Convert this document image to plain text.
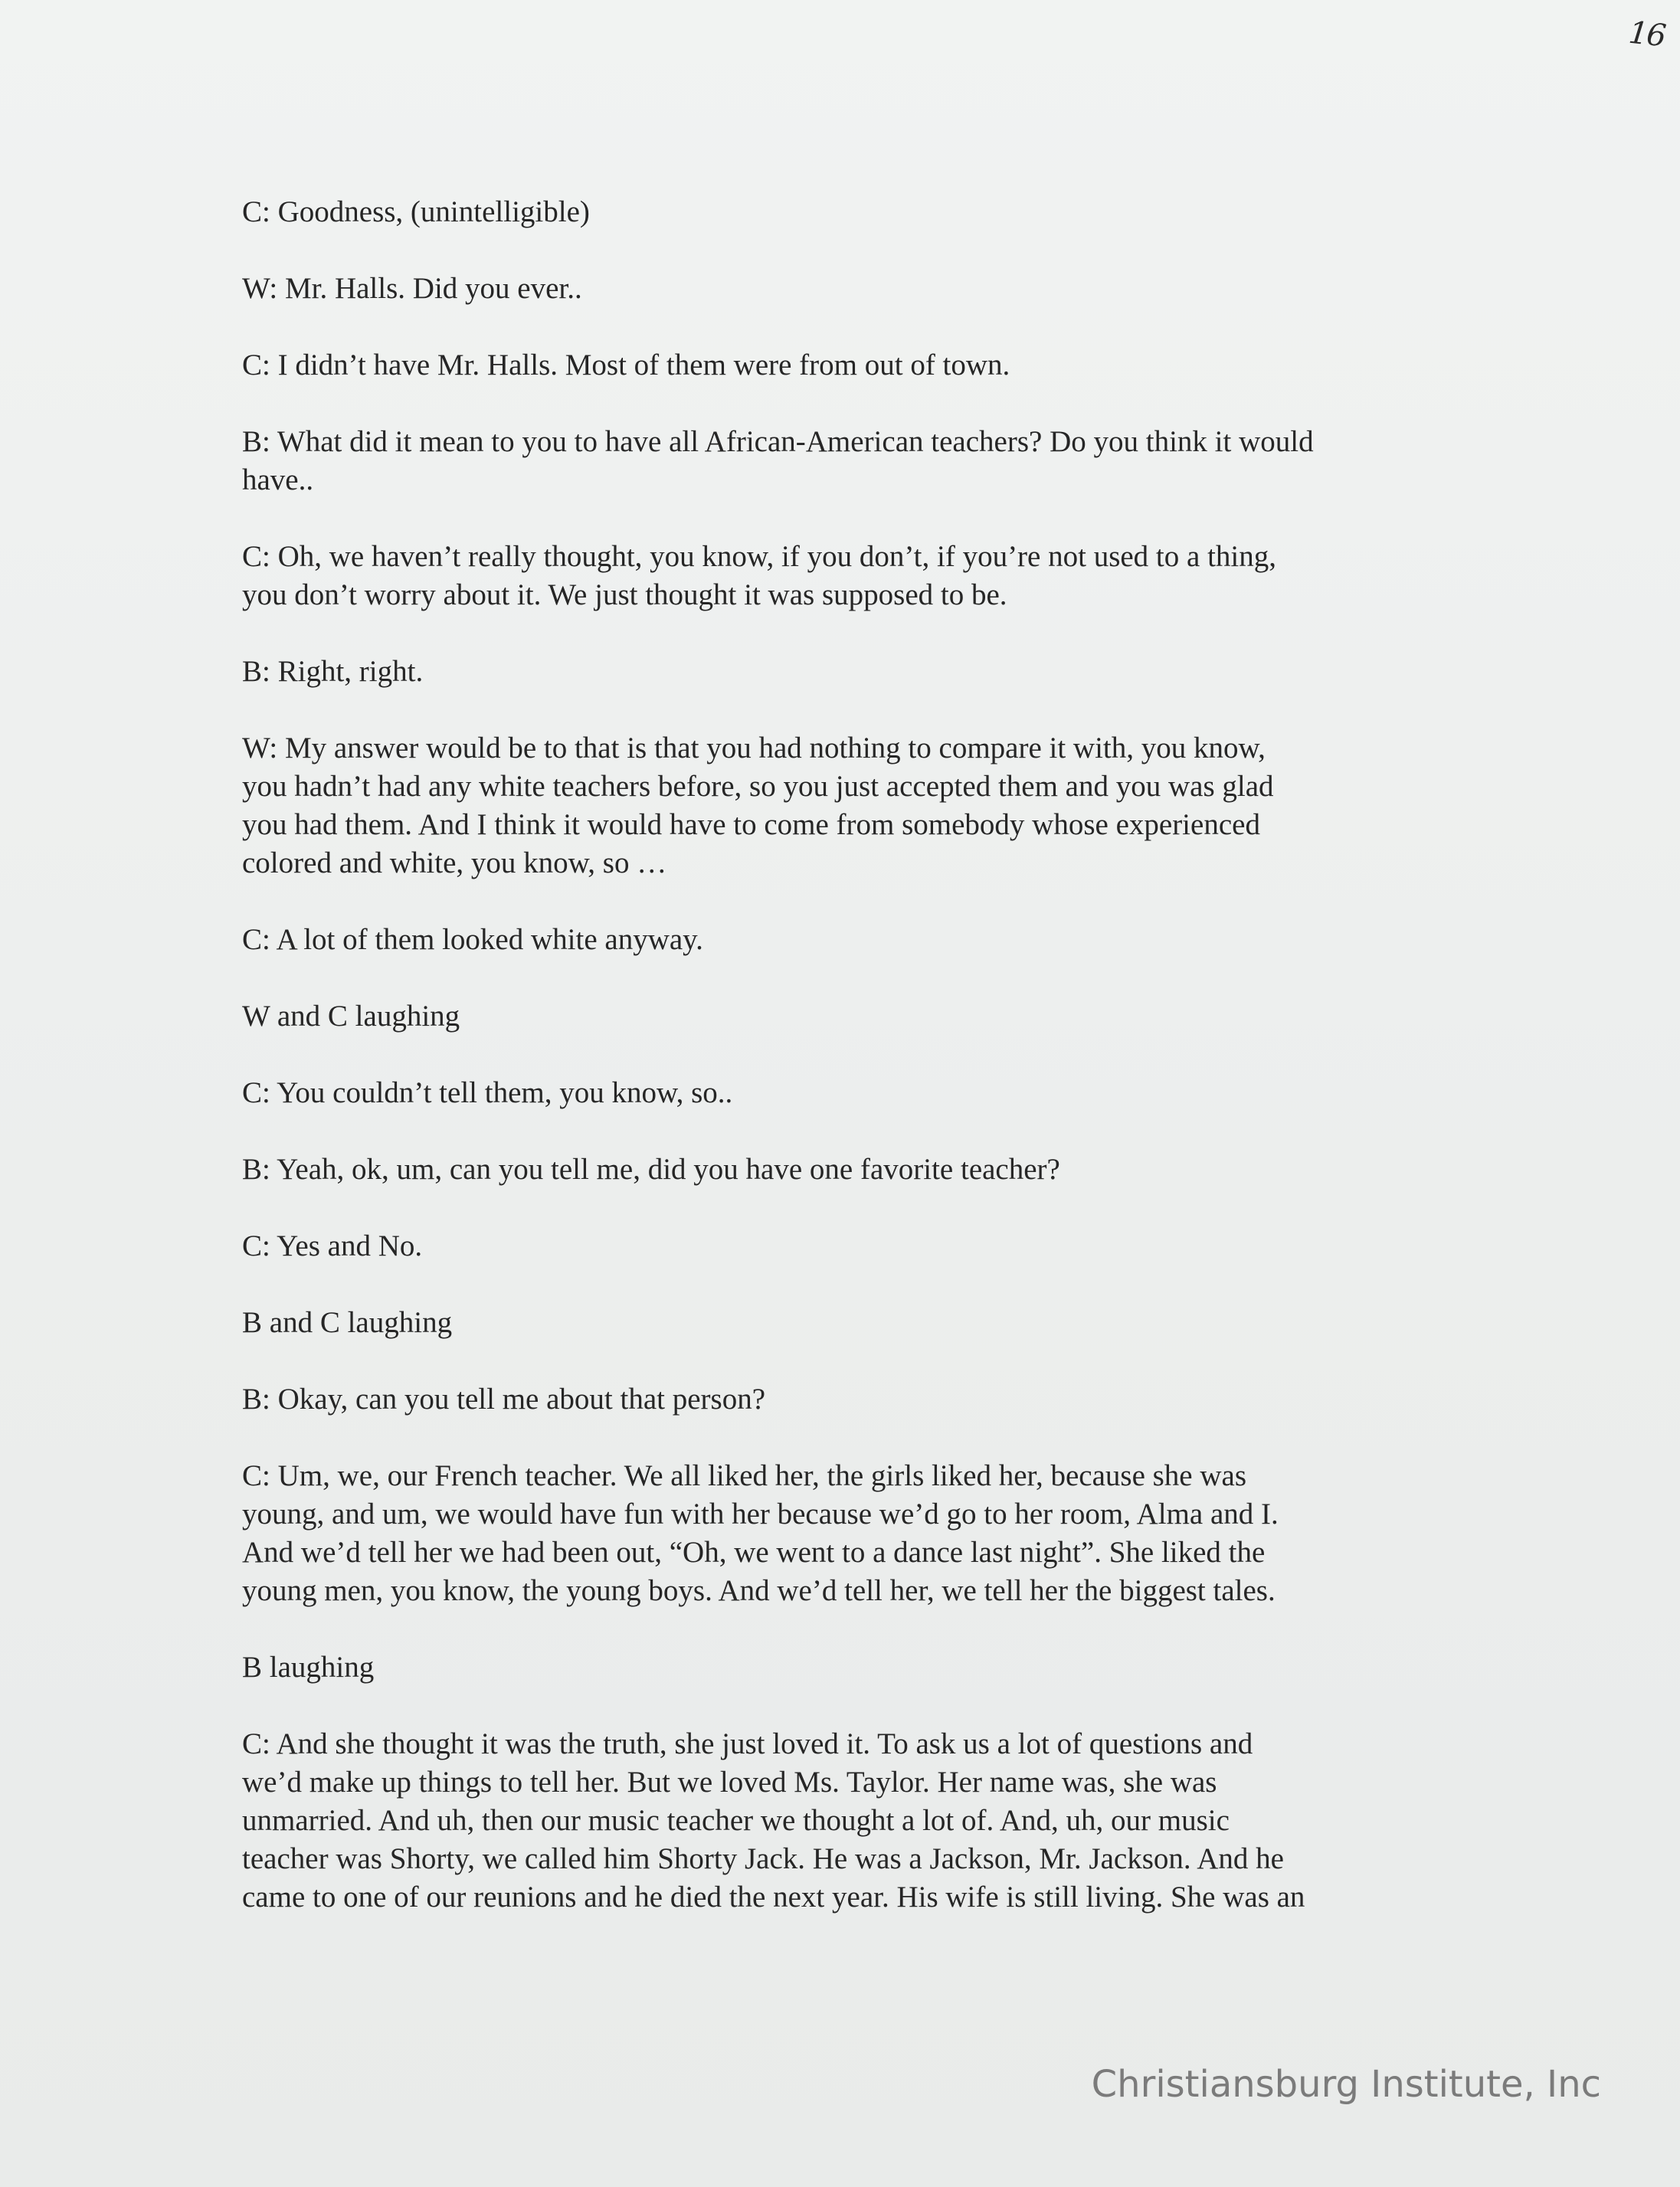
16

C: Goodness, (unintelligible)

W: Mr. Halls. Did you ever..

C: I didn’t have Mr. Halls. Most of them were from out of town.

B: What did it mean to you to have all African-American teachers? Do you think it would
have..

C: Oh, we haven’t really thought, you know, if you don’t, if you’re not used to a thing,
you don’t worry about it. We just thought it was supposed to be.

B: Right, right.

W: My answer would be to that is that you had nothing to compare it with, you know,
you hadn’t had any white teachers before, so you just accepted them and you was glad
you had them. And I think it would have to come from somebody whose experienced
colored and white, you know, so …

C: A lot of them looked white anyway.

W and C laughing

C: You couldn’t tell them, you know, so..

B: Yeah, ok, um, can you tell me, did you have one favorite teacher?

C: Yes and No.

B and C laughing

B: Okay, can you tell me about that person?

C: Um, we, our French teacher. We all liked her, the girls liked her, because she was
young, and um, we would have fun with her because we’d go to her room, Alma and I.
And we’d tell her we had been out, “Oh, we went to a dance last night”. She liked the
young men, you know, the young boys. And we’d tell her, we tell her the biggest tales.

B laughing

C: And she thought it was the truth, she just loved it. To ask us a lot of questions and
we’d make up things to tell her. But we loved Ms. Taylor. Her name was, she was
unmarried. And uh, then our music teacher we thought a lot of. And, uh, our music
teacher was Shorty, we called him Shorty Jack. He was a Jackson, Mr. Jackson. And he
came to one of our reunions and he died the next year. His wife is still living. She was an

Christiansburg Institute, Inc
